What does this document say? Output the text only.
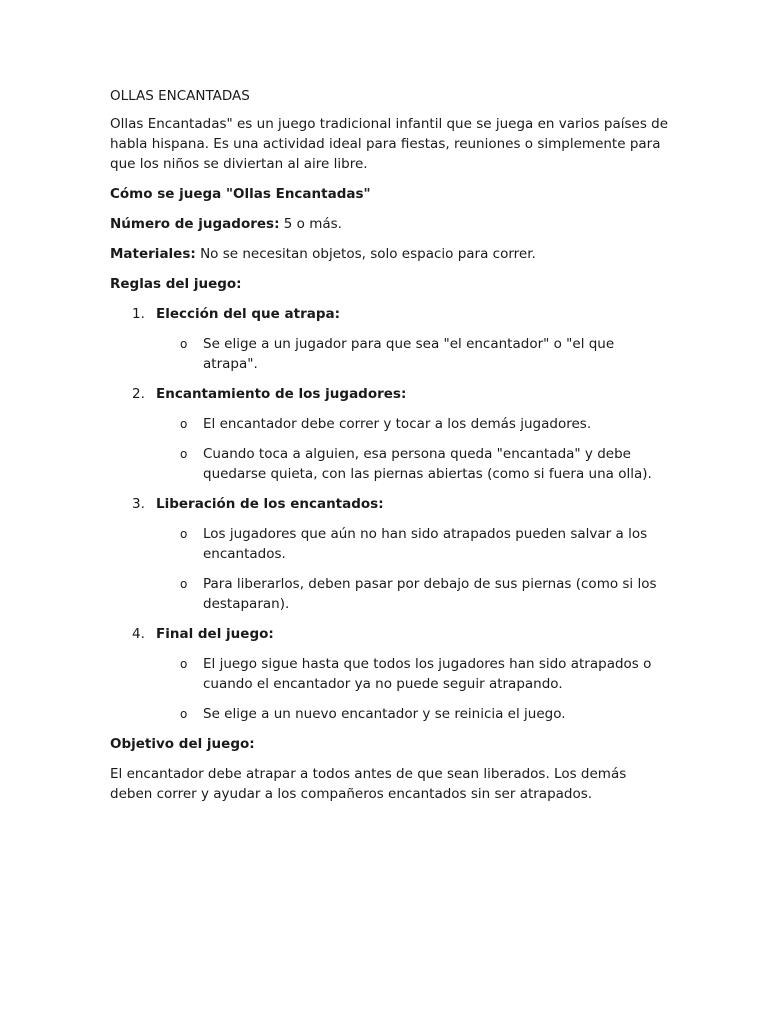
OLLAS ENCANTADAS

Ollas Encantadas" es un juego tradicional infantil que se juega en varios países de habla hispana. Es una actividad ideal para fiestas, reuniones o simplemente para que los niños se diviertan al aire libre.

Cómo se juega "Ollas Encantadas"

Número de jugadores: 5 o más.

Materiales: No se necesitan objetos, solo espacio para correr.

Reglas del juego:

1. Elección del que atrapa:
o Se elige a un jugador para que sea "el encantador" o "el que atrapa".
2. Encantamiento de los jugadores:
o El encantador debe correr y tocar a los demás jugadores.
o Cuando toca a alguien, esa persona queda "encantada" y debe quedarse quieta, con las piernas abiertas (como si fuera una olla).
3. Liberación de los encantados:
o Los jugadores que aún no han sido atrapados pueden salvar a los encantados.
o Para liberarlos, deben pasar por debajo de sus piernas (como si los destaparan).
4. Final del juego:
o El juego sigue hasta que todos los jugadores han sido atrapados o cuando el encantador ya no puede seguir atrapando.
o Se elige a un nuevo encantador y se reinicia el juego.

Objetivo del juego:

El encantador debe atrapar a todos antes de que sean liberados. Los demás deben correr y ayudar a los compañeros encantados sin ser atrapados.
